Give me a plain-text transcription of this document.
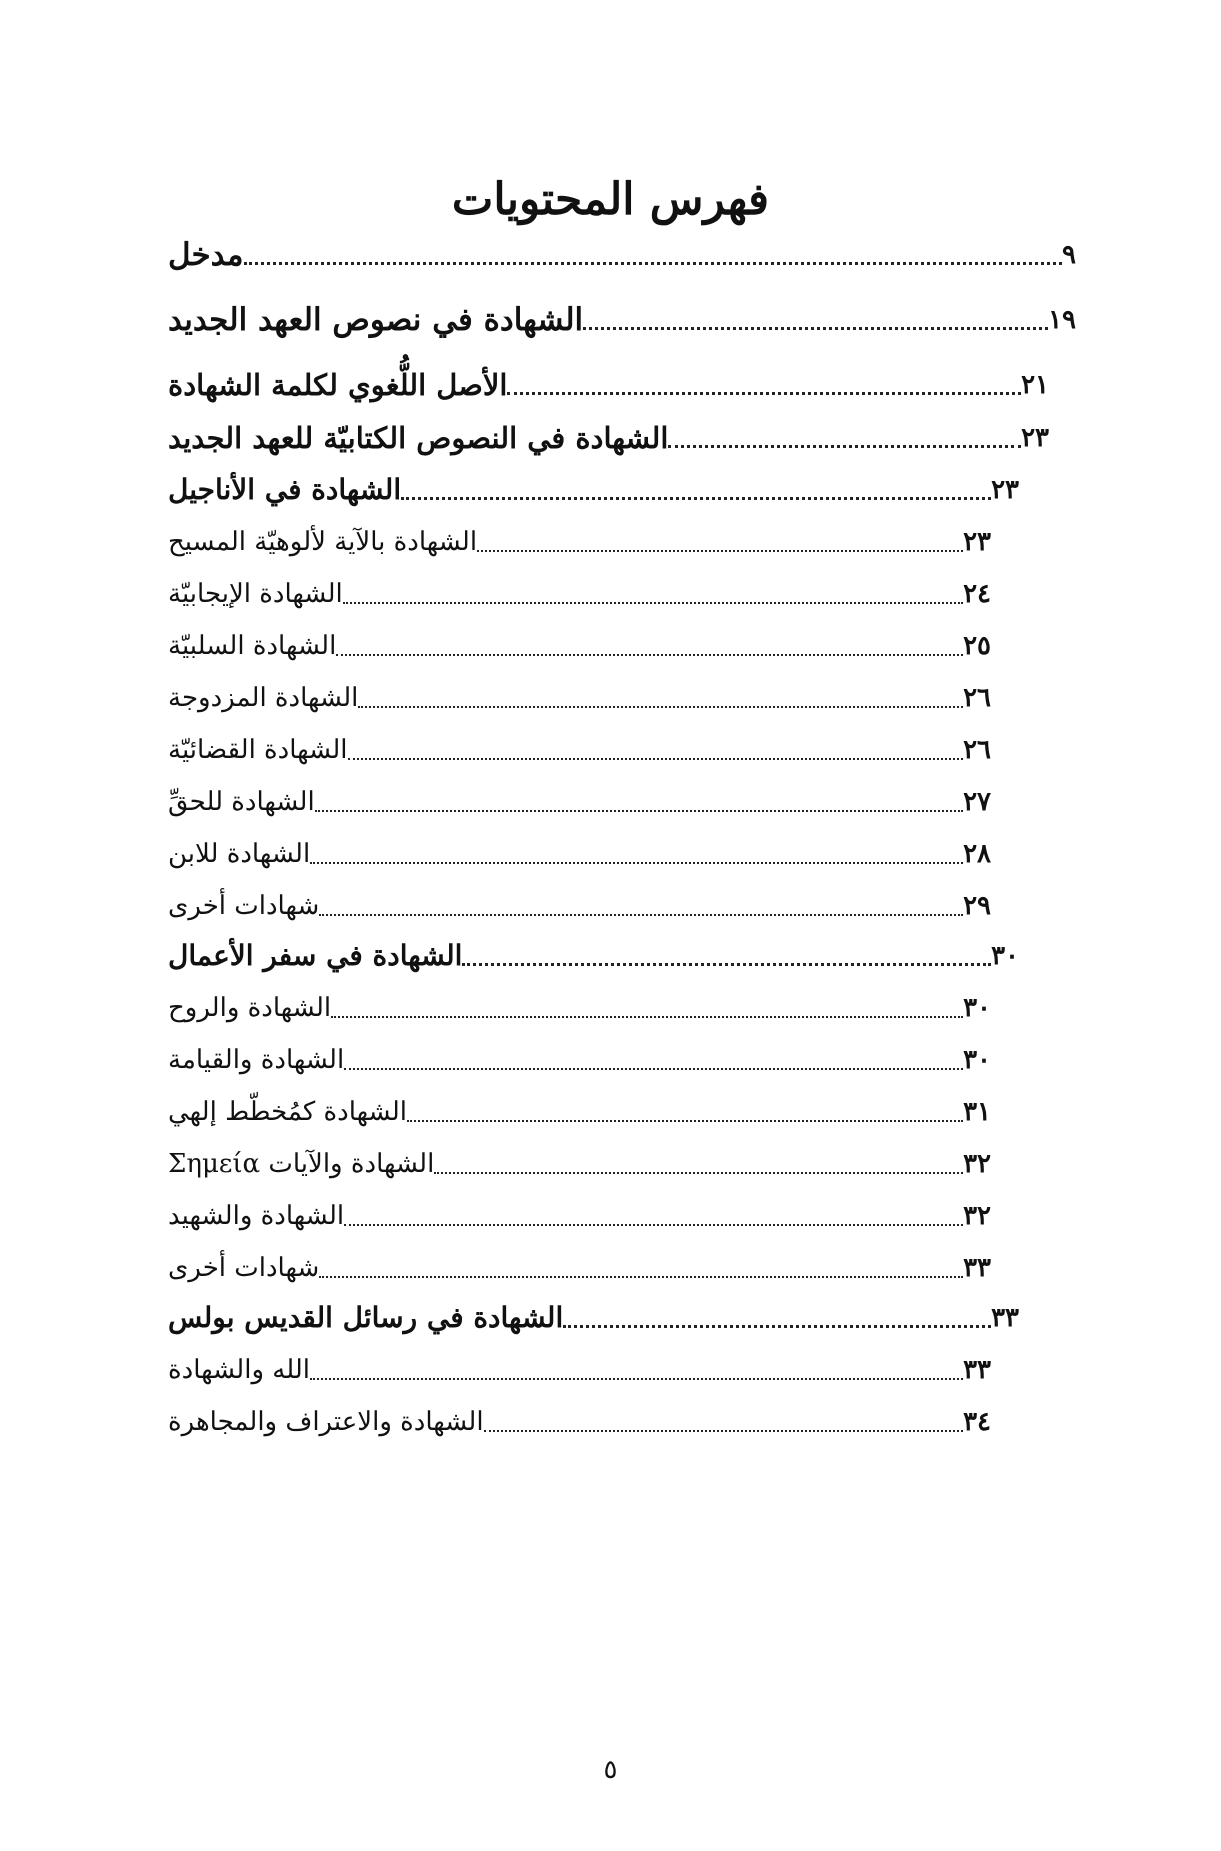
فهرس المحتويات
مدخل	٩
الشهادة في نصوص العهد الجديد	١٩
الأصل اللُّغوي لكلمة الشهادة	٢١
الشهادة في النصوص الكتابيّة للعهد الجديد	٢٣
الشهادة في الأناجيل	٢٣
الشهادة بالآية لألوهيّة المسيح	٢٣
الشهادة الإيجابيّة	٢٤
الشهادة السلبيّة	٢٥
الشهادة المزدوجة	٢٦
الشهادة القضائيّة	٢٦
الشهادة للحقِّ	٢٧
الشهادة للابن	٢٨
شهادات أخرى	٢٩
الشهادة في سفر الأعمال	٣٠
الشهادة والروح	٣٠
الشهادة والقيامة	٣٠
الشهادة كمُخطّط إلهي	٣١
الشهادة والآيات Σημεία	٣٢
الشهادة والشهيد	٣٢
شهادات أخرى	٣٣
الشهادة في رسائل القديس بولس	٣٣
الله والشهادة	٣٣
الشهادة والاعتراف والمجاهرة	٣٤
٥
